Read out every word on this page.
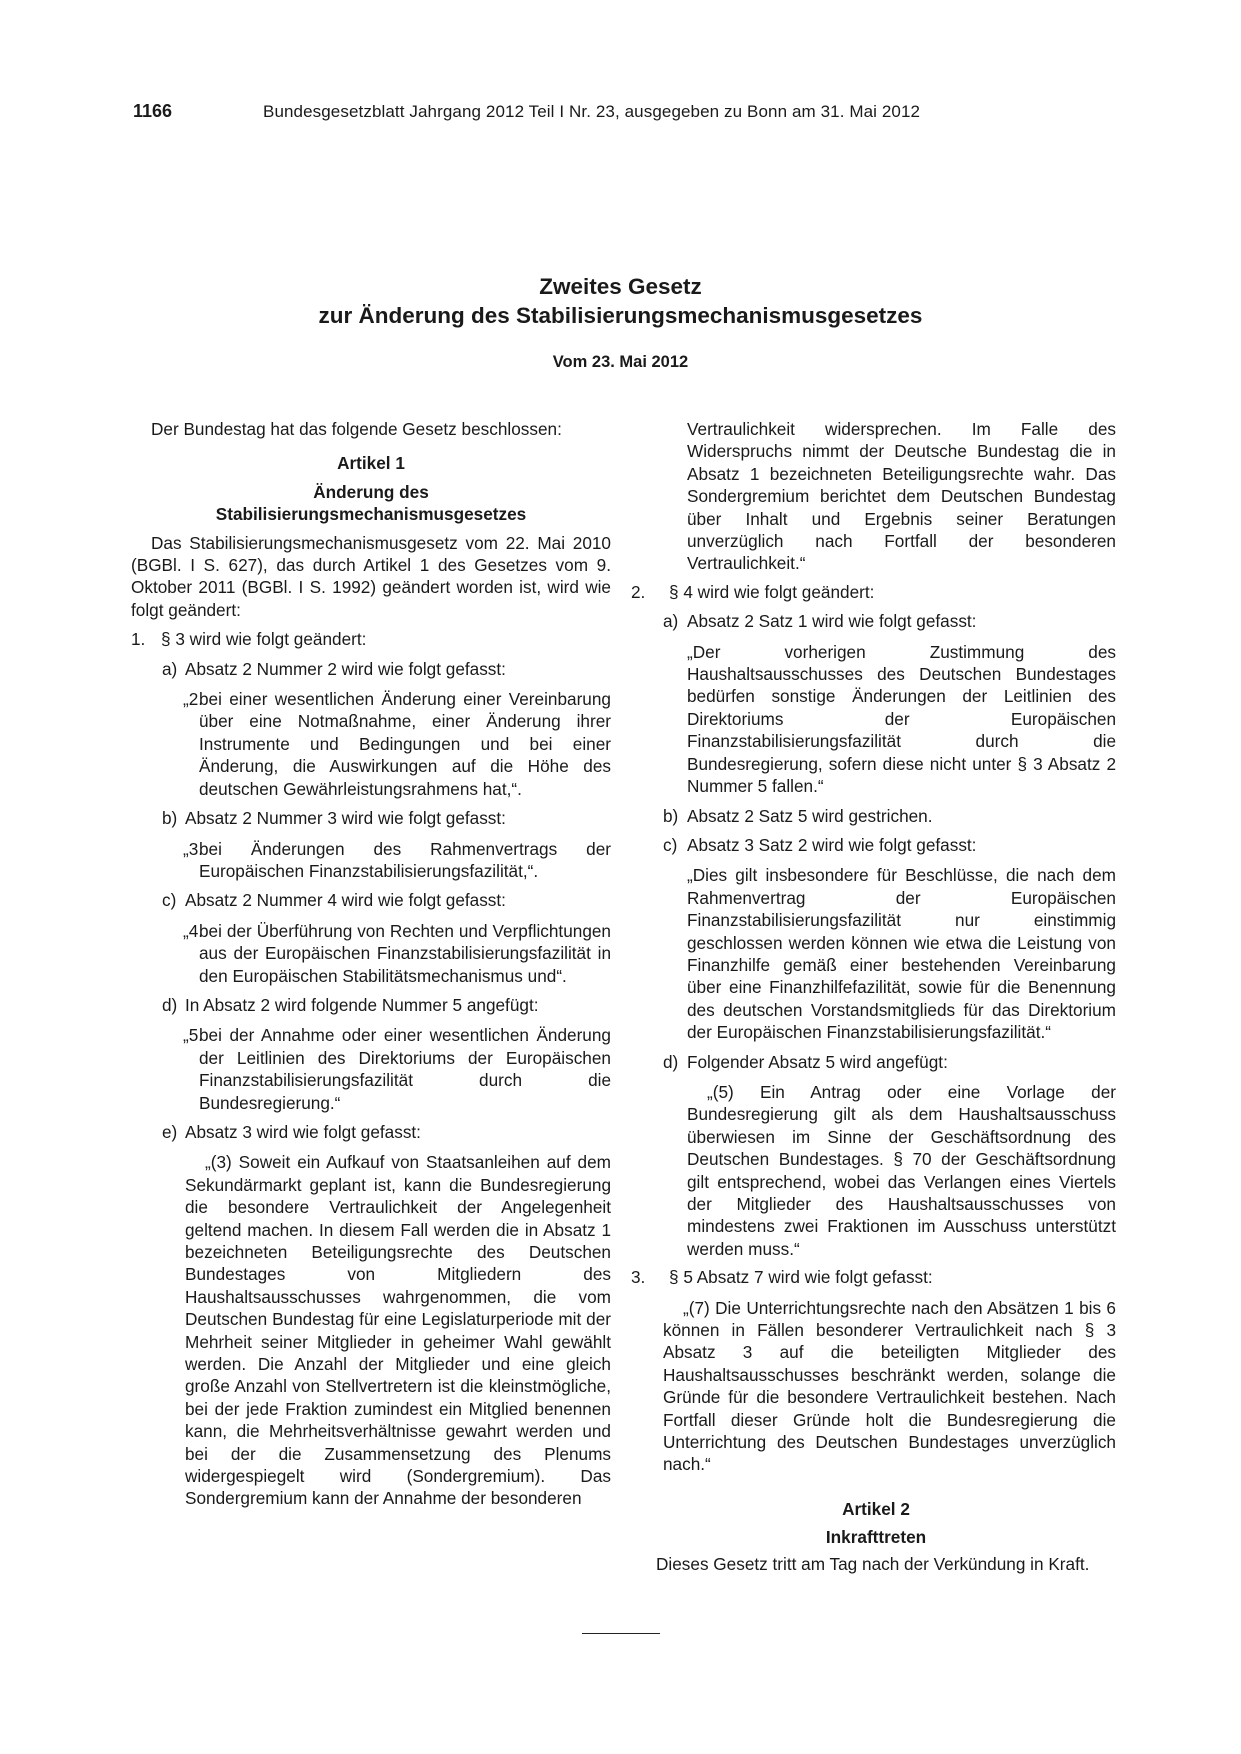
1166	Bundesgesetzblatt Jahrgang 2012 Teil I Nr. 23, ausgegeben zu Bonn am 31. Mai 2012

Zweites Gesetz

zur Änderung des Stabilisierungsmechanismusgesetzes

Vom 23. Mai 2012

Der Bundestag hat das folgende Gesetz beschlossen:

Artikel 1

Änderung des

Stabilisierungsmechanismusgesetzes

Das Stabilisierungsmechanismusgesetz vom 22. Mai 2010 (BGBl. I S. 627), das durch Artikel 1 des Gesetzes vom 9. Oktober 2011 (BGBl. I S. 1992) geändert worden ist, wird wie folgt geändert:

1. § 3 wird wie folgt geändert:
a) Absatz 2 Nummer 2 wird wie folgt gefasst:
„2.

bei einer wesentlichen Änderung einer Vereinbarung über eine Notmaßnahme, einer Änderung ihrer Instrumente und Bedingungen und bei einer Änderung, die Auswirkungen auf die Höhe des deutschen Gewährleistungsrahmens hat,“.

b) Absatz 2 Nummer 3 wird wie folgt gefasst:
„3.

bei Änderungen des Rahmenvertrags der Europäischen Finanzstabilisierungsfazilität,“.

c) Absatz 2 Nummer 4 wird wie folgt gefasst:
„4.

bei der Überführung von Rechten und Verpflichtungen aus der Europäischen Finanzstabilisierungsfazilität in den Europäischen Stabilitätsmechanismus und“.

d) In Absatz 2 wird folgende Nummer 5 angefügt:
„5.

bei der Annahme oder einer wesentlichen Änderung der Leitlinien des Direktoriums der Europäischen Finanzstabilisierungsfazilität durch die Bundesregierung.“

e) Absatz 3 wird wie folgt gefasst:

„(3) Soweit ein Aufkauf von Staatsanleihen auf dem Sekundärmarkt geplant ist, kann die Bundesregierung die besondere Vertraulichkeit der Angelegenheit geltend machen. In diesem Fall werden die in Absatz 1 bezeichneten Beteiligungsrechte des Deutschen Bundestages von Mitgliedern des Haushaltsausschusses wahrgenommen, die vom Deutschen Bundestag für eine Legislaturperiode mit der Mehrheit seiner Mitglieder in geheimer Wahl gewählt werden. Die Anzahl der Mitglieder und eine gleich große Anzahl von Stellvertretern ist die kleinstmögliche, bei der jede Fraktion zumindest ein Mitglied benennen kann, die Mehrheitsverhältnisse gewahrt werden und bei der die Zusammensetzung des Plenums widergespiegelt wird (Sondergremium). Das Sondergremium kann der Annahme der besonderen

Vertraulichkeit widersprechen. Im Falle des Widerspruchs nimmt der Deutsche Bundestag die in Absatz 1 bezeichneten Beteiligungsrechte wahr. Das Sondergremium berichtet dem Deutschen Bundestag über Inhalt und Ergebnis seiner Beratungen unverzüglich nach Fortfall der besonderen Vertraulichkeit.“

2. § 4 wird wie folgt geändert:
a) Absatz 2 Satz 1 wird wie folgt gefasst:

„Der vorherigen Zustimmung des Haushaltsausschusses des Deutschen Bundestages bedürfen sonstige Änderungen der Leitlinien des Direktoriums der Europäischen Finanzstabilisierungsfazilität durch die Bundesregierung, sofern diese nicht unter § 3 Absatz 2 Nummer 5 fallen.“

b) Absatz 2 Satz 5 wird gestrichen.
c) Absatz 3 Satz 2 wird wie folgt gefasst:

„Dies gilt insbesondere für Beschlüsse, die nach dem Rahmenvertrag der Europäischen Finanzstabilisierungsfazilität nur einstimmig geschlossen werden können wie etwa die Leistung von Finanzhilfe gemäß einer bestehenden Vereinbarung über eine Finanzhilfefazilität, sowie für die Benennung des deutschen Vorstandsmitglieds für das Direktorium der Europäischen Finanzstabilisierungsfazilität.“

d) Folgender Absatz 5 wird angefügt:

„(5) Ein Antrag oder eine Vorlage der Bundesregierung gilt als dem Haushaltsausschuss überwiesen im Sinne der Geschäftsordnung des Deutschen Bundestages. § 70 der Geschäftsordnung gilt entsprechend, wobei das Verlangen eines Viertels der Mitglieder des Haushaltsausschusses von mindestens zwei Fraktionen im Ausschuss unterstützt werden muss.“

3. § 5 Absatz 7 wird wie folgt gefasst:

„(7) Die Unterrichtungsrechte nach den Absätzen 1 bis 6 können in Fällen besonderer Vertraulichkeit nach § 3 Absatz 3 auf die beteiligten Mitglieder des Haushaltsausschusses beschränkt werden, solange die Gründe für die besondere Vertraulichkeit bestehen. Nach Fortfall dieser Gründe holt die Bundesregierung die Unterrichtung des Deutschen Bundestages unverzüglich nach.“

Artikel 2

Inkrafttreten

Dieses Gesetz tritt am Tag nach der Verkündung in Kraft.
